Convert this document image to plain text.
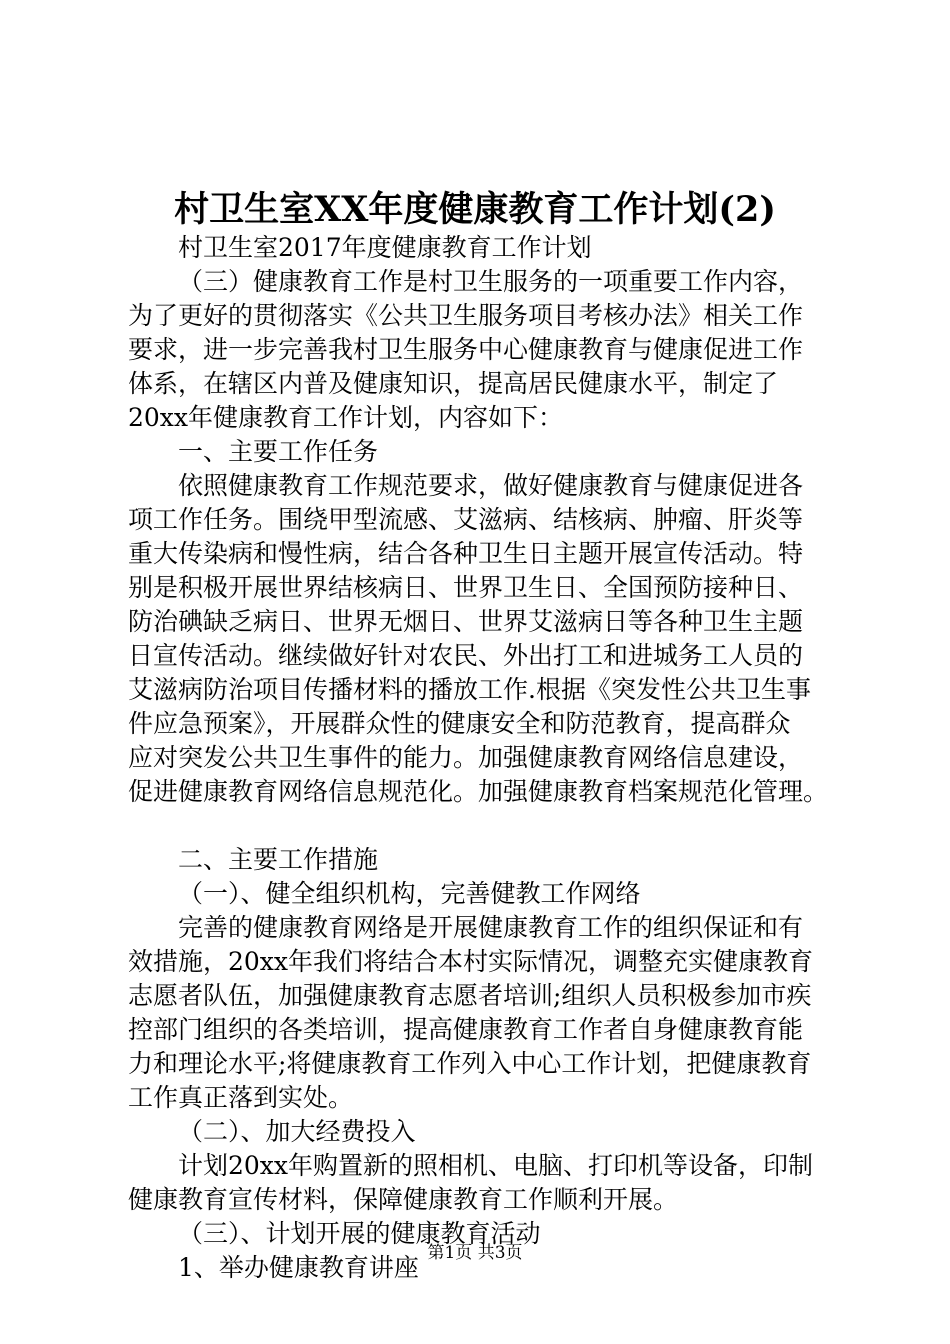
村卫生室XX年度健康教育工作计划(2)

村卫生室2017年度健康教育工作计划

（三）健康教育工作是村卫生服务的一项重要工作内容，

为了更好的贯彻落实《公共卫生服务项目考核办法》相关工作

要求，进一步完善我村卫生服务中心健康教育与健康促进工作

体系，在辖区内普及健康知识，提高居民健康水平，制定了

20xx年健康教育工作计划，内容如下：

一、主要工作任务

依照健康教育工作规范要求，做好健康教育与健康促进各

项工作任务。围绕甲型流感、艾滋病、结核病、肿瘤、肝炎等

重大传染病和慢性病，结合各种卫生日主题开展宣传活动。特

别是积极开展世界结核病日、世界卫生日、全国预防接种日、

防治碘缺乏病日、世界无烟日、世界艾滋病日等各种卫生主题

日宣传活动。继续做好针对农民、外出打工和进城务工人员的

艾滋病防治项目传播材料的播放工作.根据《突发性公共卫生事

件应急预案》，开展群众性的健康安全和防范教育，提高群众

应对突发公共卫生事件的能力。加强健康教育网络信息建设，

促进健康教育网络信息规范化。加强健康教育档案规范化管理。

二、主要工作措施

（一）、健全组织机构，完善健教工作网络

完善的健康教育网络是开展健康教育工作的组织保证和有

效措施，20xx年我们将结合本村实际情况，调整充实健康教育

志愿者队伍，加强健康教育志愿者培训;组织人员积极参加市疾

控部门组织的各类培训，提高健康教育工作者自身健康教育能

力和理论水平;将健康教育工作列入中心工作计划，把健康教育

工作真正落到实处。

（二）、加大经费投入

计划20xx年购置新的照相机、电脑、打印机等设备，印制

健康教育宣传材料，保障健康教育工作顺利开展。

（三）、计划开展的健康教育活动

1、举办健康教育讲座 第1页 共3页
